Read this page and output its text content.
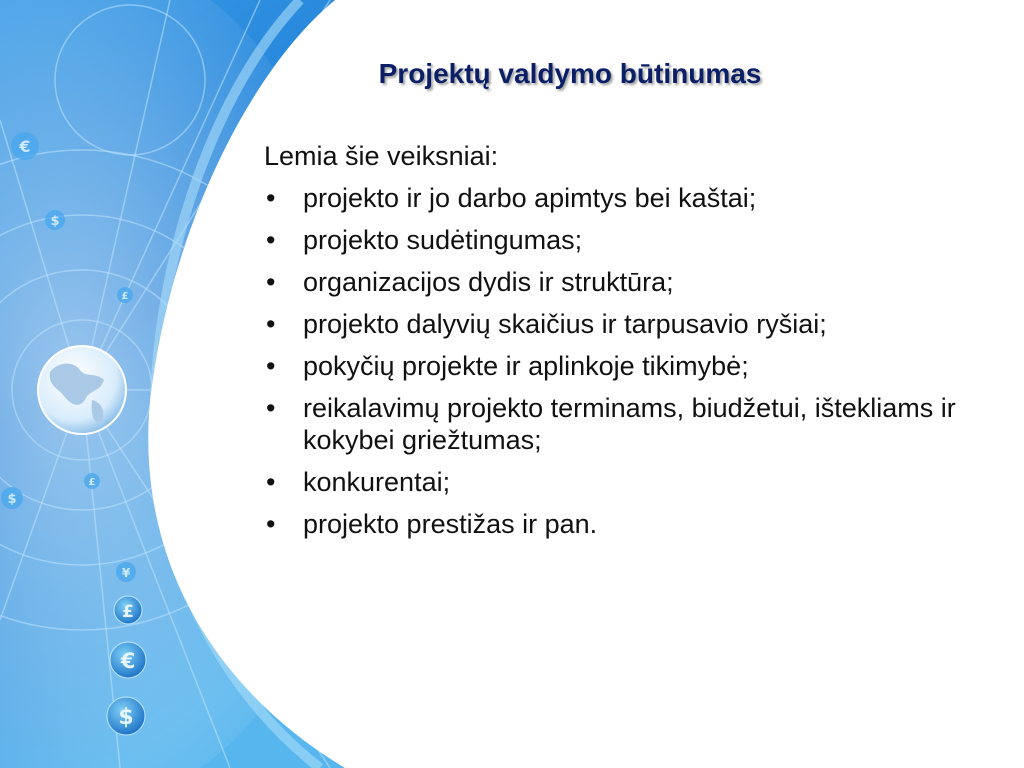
€
$
£
£
$
¥
£
€
$
Projektų valdymo būtinumas

Lemia šie veiksniai:

• projekto ir jo darbo apimtys bei kaštai;
• projekto sudėtingumas;
• organizacijos dydis ir struktūra;
• projekto dalyvių skaičius ir tarpusavio ryšiai;
• pokyčių projekte ir aplinkoje tikimybė;
• reikalavimų projekto terminams, biudžetui, ištekliams ir kokybei griežtumas;
• konkurentai;
• projekto prestižas ir pan.
